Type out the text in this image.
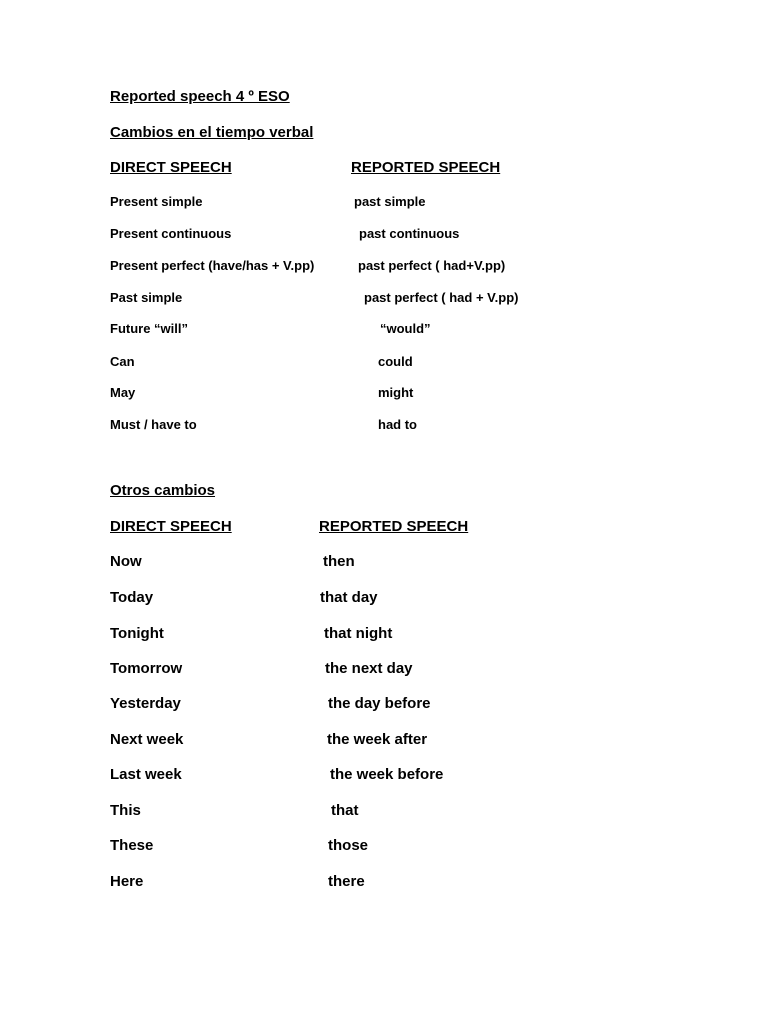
Reported speech 4 º ESO
Cambios en el tiempo verbal
DIRECT SPEECH	REPORTED SPEECH
Present simple	past simple
Present continuous	past continuous
Present perfect (have/has + V.pp)	past perfect ( had+V.pp)
Past simple	past perfect ( had + V.pp)
Future “will”	“would”
Can	could
May	might
Must / have to	had to
Otros cambios
DIRECT SPEECH	REPORTED SPEECH
Now	then
Today	that day
Tonight	that night
Tomorrow	the next day
Yesterday	the day before
Next week	the week after
Last week	the week before
This	that
These	those
Here	there
